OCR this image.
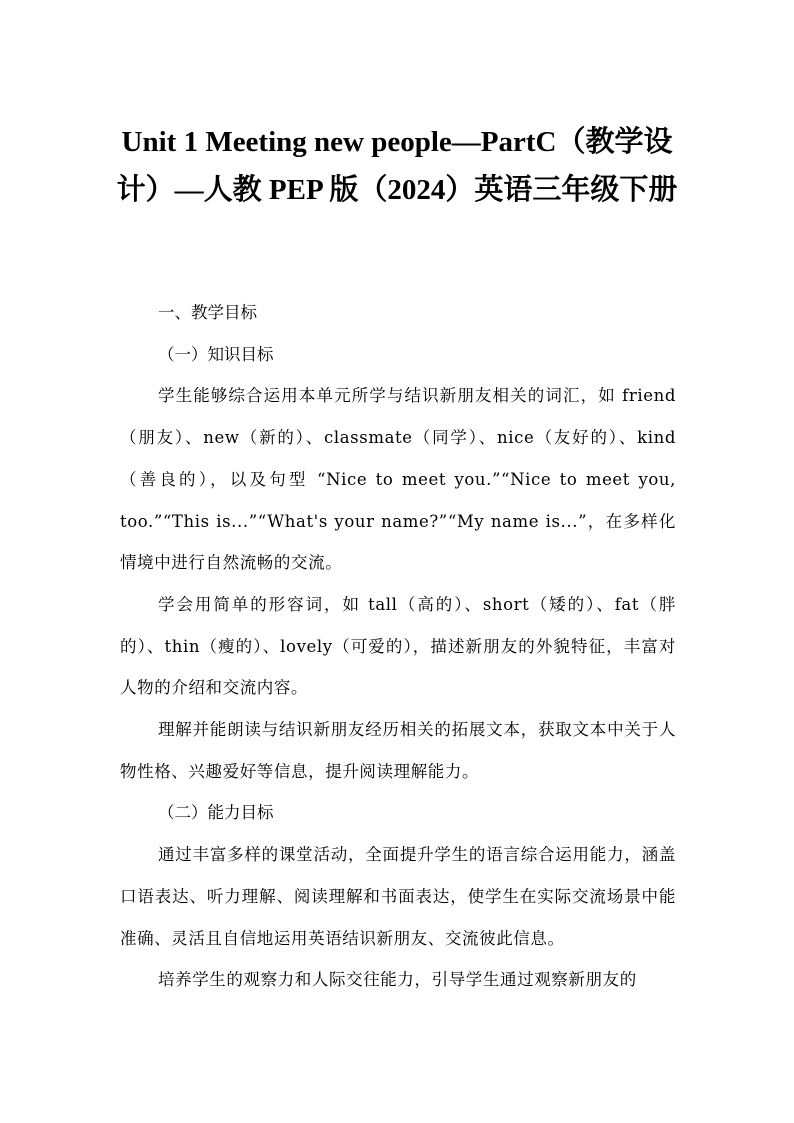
Unit 1 Meeting new people—PartC（教学设计）—人教 PEP 版（2024）英语三年级下册

一、教学目标

（一）知识目标

学生能够综合运用本单元所学与结识新朋友相关的词汇，如 friend（朋友）、new（新的）、classmate（同学）、nice（友好的）、kind（善良的），以及句型 “Nice to meet you.”“Nice to meet you, too.”“This is...”“What's your name?”“My name is...”，在多样化情境中进行自然流畅的交流。

学会用简单的形容词，如 tall（高的）、short（矮的）、fat（胖的）、thin（瘦的）、lovely（可爱的），描述新朋友的外貌特征，丰富对人物的介绍和交流内容。

理解并能朗读与结识新朋友经历相关的拓展文本，获取文本中关于人物性格、兴趣爱好等信息，提升阅读理解能力。

（二）能力目标

通过丰富多样的课堂活动，全面提升学生的语言综合运用能力，涵盖口语表达、听力理解、阅读理解和书面表达，使学生在实际交流场景中能准确、灵活且自信地运用英语结识新朋友、交流彼此信息。

培养学生的观察力和人际交往能力，引导学生通过观察新朋友的
